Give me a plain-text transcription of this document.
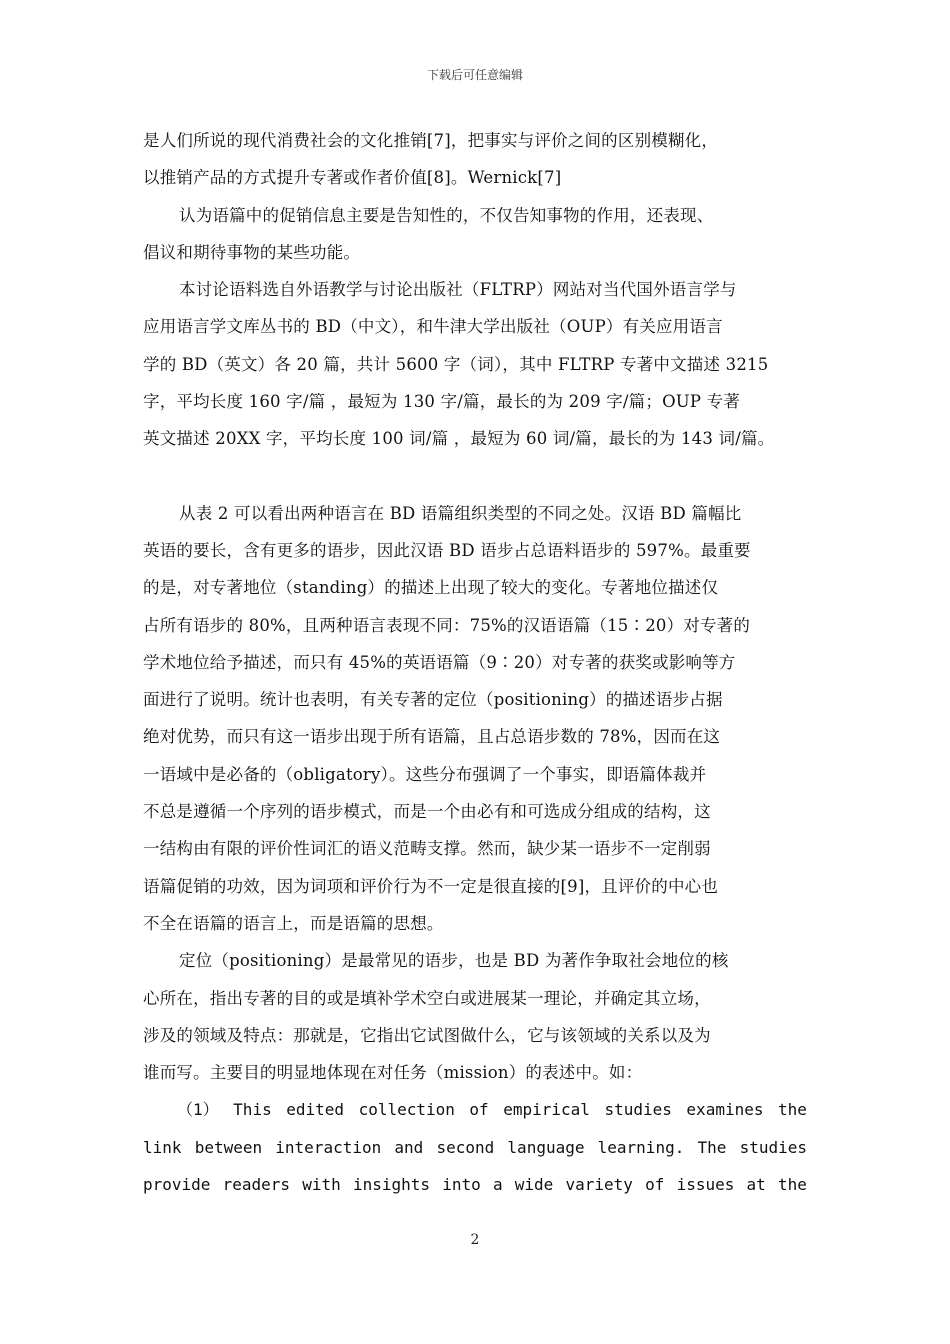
下载后可任意编辑
是人们所说的现代消费社会的文化推销[7]，把事实与评价之间的区别模糊化，
以推销产品的方式提升专著或作者价值[8]。Wernick[7]
认为语篇中的促销信息主要是告知性的，不仅告知事物的作用，还表现、
倡议和期待事物的某些功能。
本讨论语料选自外语教学与讨论出版社（FLTRP）网站对当代国外语言学与
应用语言学文库丛书的 BD（中文），和牛津大学出版社（OUP）有关应用语言
学的 BD（英文）各 20 篇，共计 5600 字（词），其中 FLTRP 专著中文描述 3215
字，平均长度 160 字/篇 ，最短为 130 字/篇，最长的为 209 字/篇；OUP 专著
英文描述 20XX 字，平均长度 100 词/篇 ，最短为 60 词/篇，最长的为 143 词/篇。
从表 2 可以看出两种语言在 BD 语篇组织类型的不同之处。汉语 BD 篇幅比
英语的要长，含有更多的语步，因此汉语 BD 语步占总语料语步的 597%。最重要
的是，对专著地位（standing）的描述上出现了较大的变化。专著地位描述仅
占所有语步的 80%，且两种语言表现不同：75%的汉语语篇（15∶20）对专著的
学术地位给予描述，而只有 45%的英语语篇（9∶20）对专著的获奖或影响等方
面进行了说明。统计也表明，有关专著的定位（positioning）的描述语步占据
绝对优势，而只有这一语步出现于所有语篇，且占总语步数的 78%，因而在这
一语域中是必备的（obligatory）。这些分布强调了一个事实，即语篇体裁并
不总是遵循一个序列的语步模式，而是一个由必有和可选成分组成的结构，这
一结构由有限的评价性词汇的语义范畴支撑。然而，缺少某一语步不一定削弱
语篇促销的功效，因为词项和评价行为不一定是很直接的[9]，且评价的中心也
不全在语篇的语言上，而是语篇的思想。
定位（positioning）是最常见的语步，也是 BD 为著作争取社会地位的核
心所在，指出专著的目的或是填补学术空白或进展某一理论，并确定其立场，
涉及的领域及特点：那就是，它指出它试图做什么，它与该领域的关系以及为
谁而写。主要目的明显地体现在对任务（mission）的表述中。如：
（1） This edited collection of empirical studies examines the
link between interaction and second language learning. The studies
provide readers with insights into a wide variety of issues at the
2
